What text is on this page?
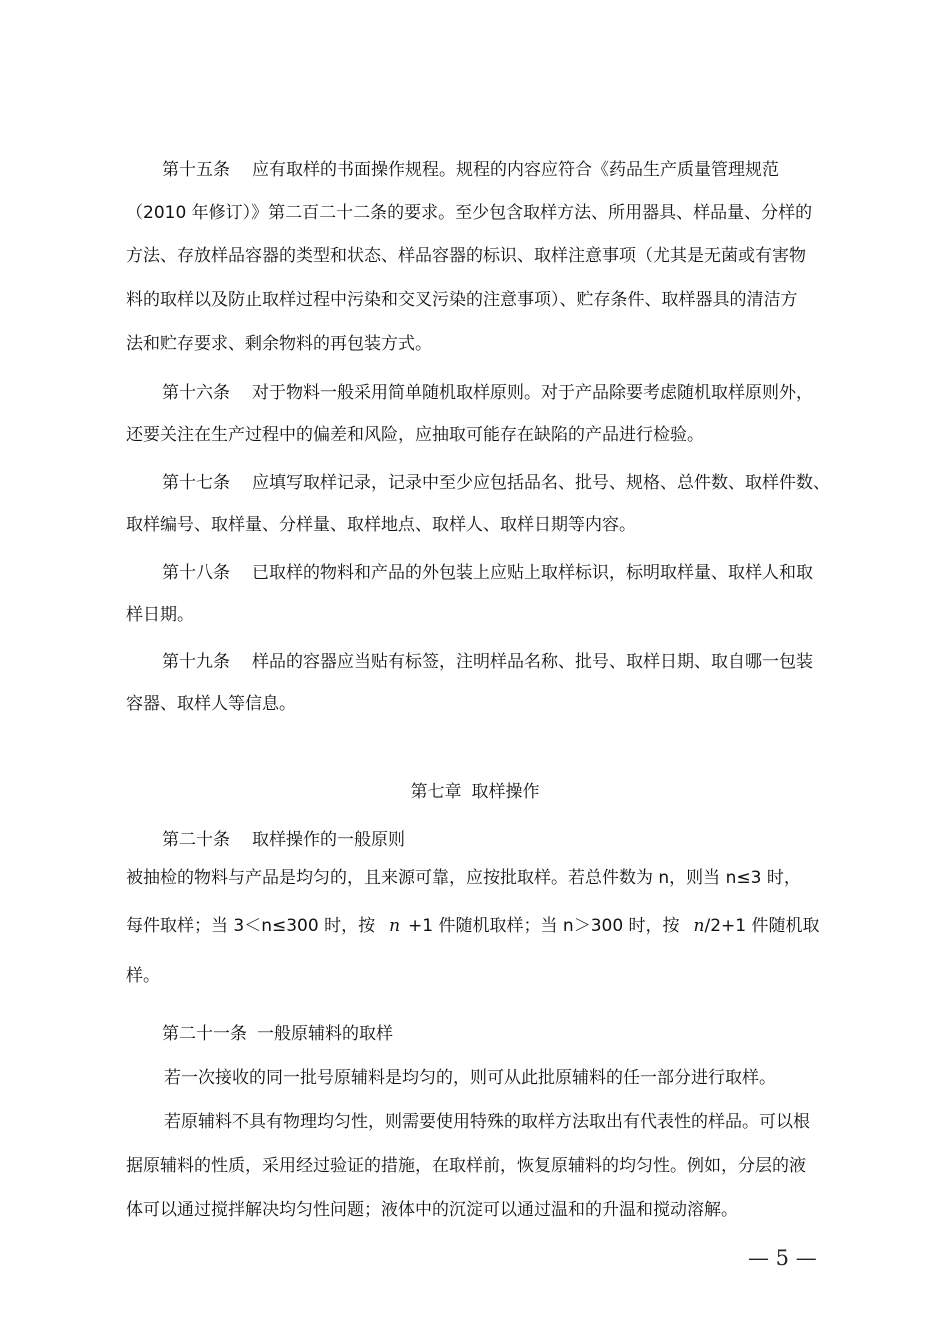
第十五条 应有取样的书面操作规程。规程的内容应符合《药品生产质量管理规范
（2010 年修订）》第二百二十二条的要求。至少包含取样方法、所用器具、样品量、分样的
方法、存放样品容器的类型和状态、样品容器的标识、取样注意事项（尤其是无菌或有害物
料的取样以及防止取样过程中污染和交叉污染的注意事项）、贮存条件、取样器具的清洁方
法和贮存要求、剩余物料的再包装方式。
第十六条 对于物料一般采用简单随机取样原则。对于产品除要考虑随机取样原则外，
还要关注在生产过程中的偏差和风险，应抽取可能存在缺陷的产品进行检验。
第十七条 应填写取样记录，记录中至少应包括品名、批号、规格、总件数、取样件数、
取样编号、取样量、分样量、取样地点、取样人、取样日期等内容。
第十八条 已取样的物料和产品的外包装上应贴上取样标识，标明取样量、取样人和取
样日期。
第十九条 样品的容器应当贴有标签，注明样品名称、批号、取样日期、取自哪一包装
容器、取样人等信息。
第七章 取样操作
第二十条 取样操作的一般原则
被抽检的物料与产品是均匀的，且来源可靠，应按批取样。若总件数为 n，则当 n≤3 时，
每件取样；当 3＜n≤300 时，按 n +1 件随机取样；当 n＞300 时，按 n/2+1 件随机取
样。
第二十一条 一般原辅料的取样
若一次接收的同一批号原辅料是均匀的，则可从此批原辅料的任一部分进行取样。
若原辅料不具有物理均匀性，则需要使用特殊的取样方法取出有代表性的样品。可以根
据原辅料的性质，采用经过验证的措施，在取样前，恢复原辅料的均匀性。例如，分层的液
体可以通过搅拌解决均匀性问题；液体中的沉淀可以通过温和的升温和搅动溶解。
— 5 —
